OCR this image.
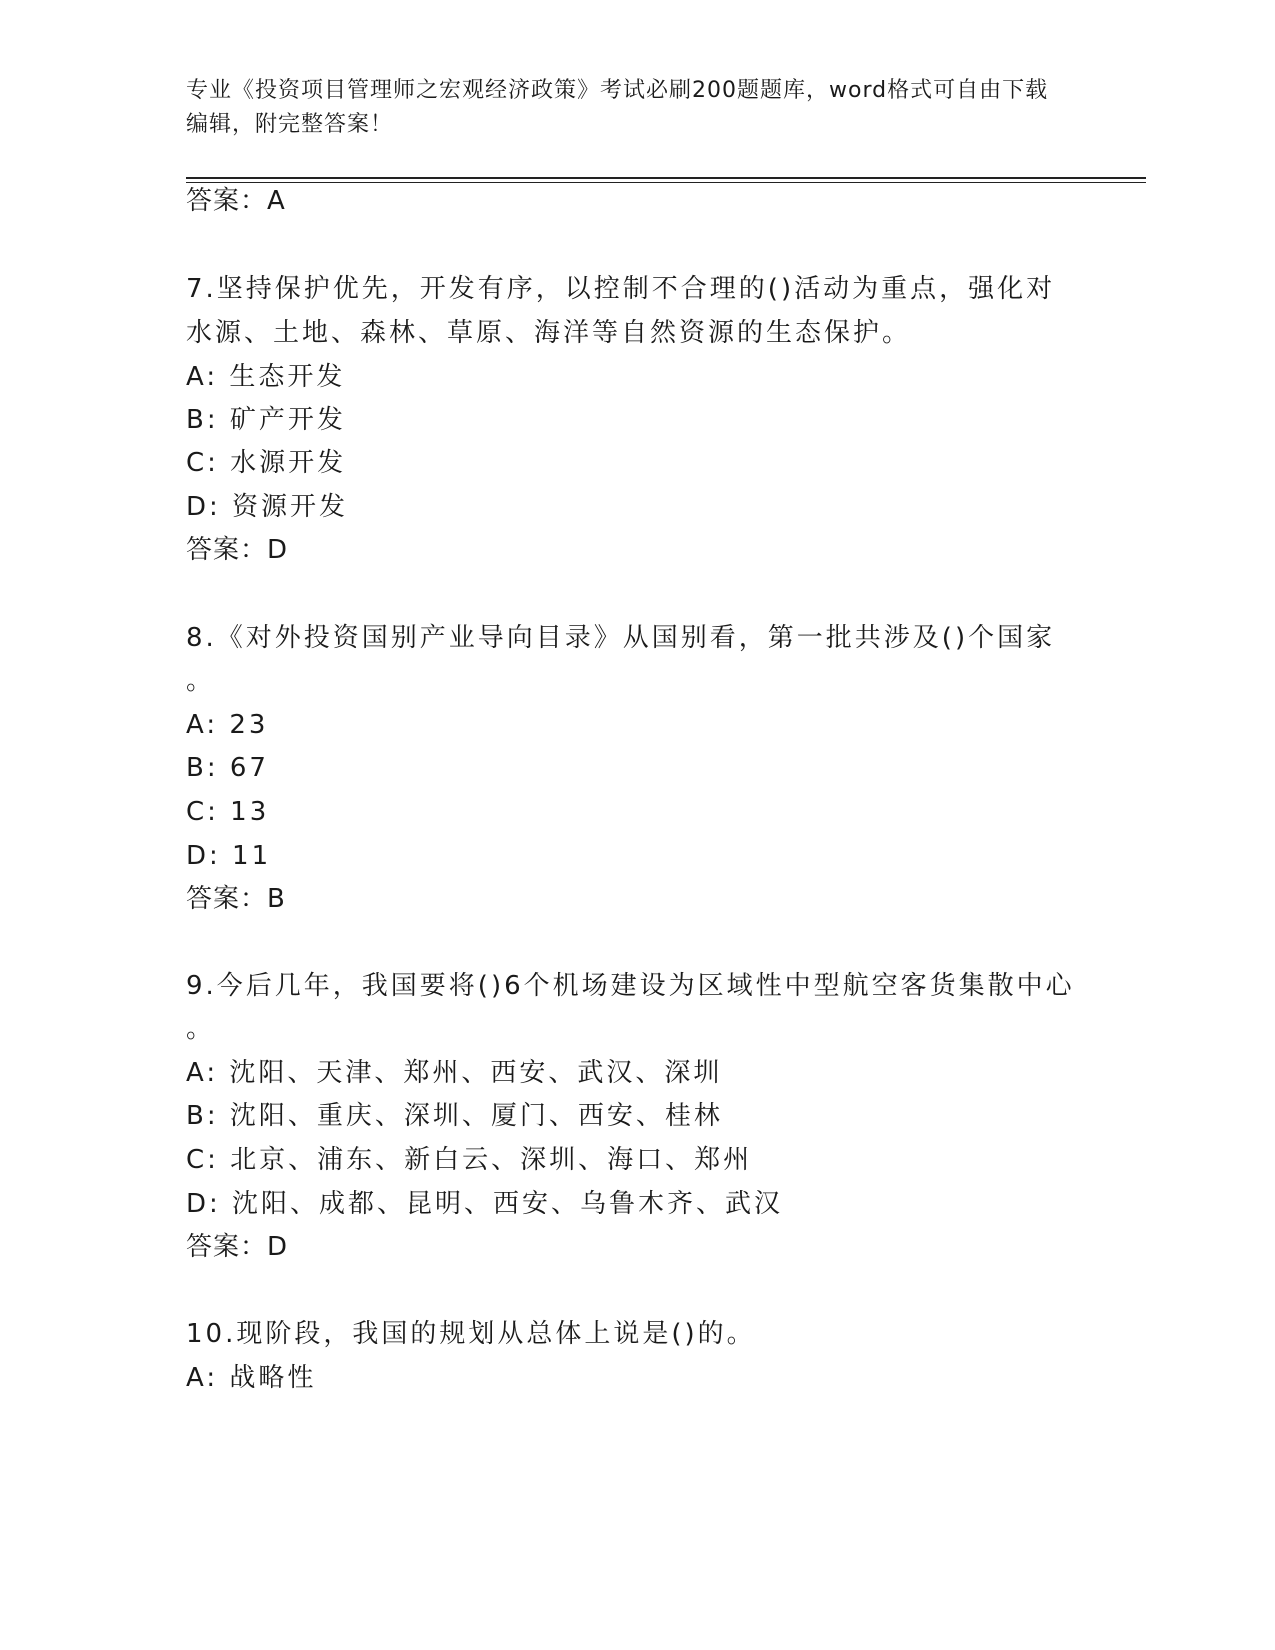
专业《投资项目管理师之宏观经济政策》考试必刷200题题库，word格式可自由下载编辑，附完整答案！
答案：A
7.坚持保护优先，开发有序，以控制不合理的()活动为重点，强化对
水源、土地、森林、草原、海洋等自然资源的生态保护。
A: 生态开发
B: 矿产开发
C: 水源开发
D: 资源开发
答案：D
8.《对外投资国别产业导向目录》从国别看，第一批共涉及()个国家
。
A: 23
B: 67
C: 13
D: 11
答案：B
9.今后几年，我国要将()6个机场建设为区域性中型航空客货集散中心
。
A: 沈阳、天津、郑州、西安、武汉、深圳
B: 沈阳、重庆、深圳、厦门、西安、桂林
C: 北京、浦东、新白云、深圳、海口、郑州
D: 沈阳、成都、昆明、西安、乌鲁木齐、武汉
答案：D
10.现阶段，我国的规划从总体上说是()的。
A: 战略性
